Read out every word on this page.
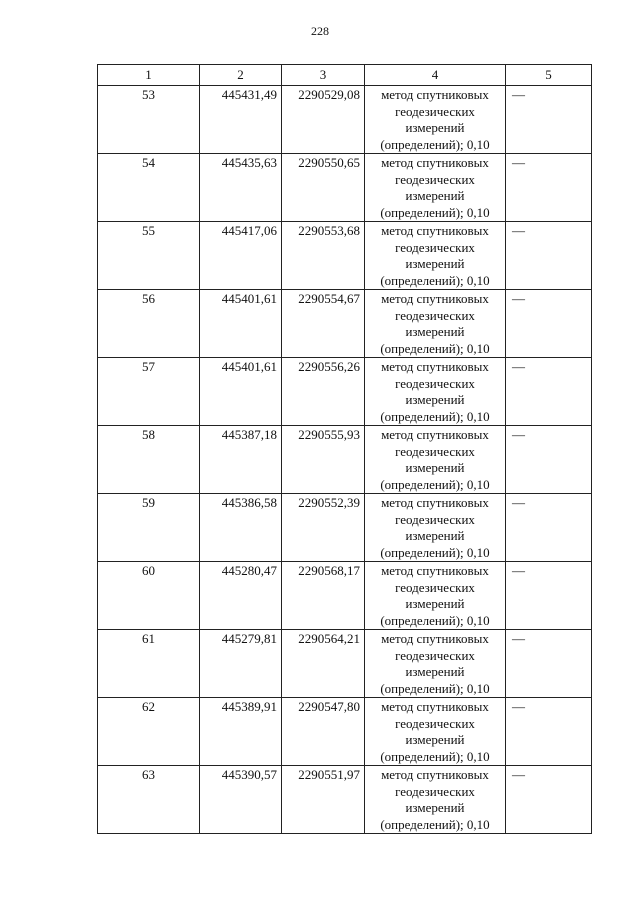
228
1	2	3	4	5
53	445431,49	2290529,08	метод спутниковых
геодезических
измерений
(определений); 0,10	—
54	445435,63	2290550,65	метод спутниковых
геодезических
измерений
(определений); 0,10	—
55	445417,06	2290553,68	метод спутниковых
геодезических
измерений
(определений); 0,10	—
56	445401,61	2290554,67	метод спутниковых
геодезических
измерений
(определений); 0,10	—
57	445401,61	2290556,26	метод спутниковых
геодезических
измерений
(определений); 0,10	—
58	445387,18	2290555,93	метод спутниковых
геодезических
измерений
(определений); 0,10	—
59	445386,58	2290552,39	метод спутниковых
геодезических
измерений
(определений); 0,10	—
60	445280,47	2290568,17	метод спутниковых
геодезических
измерений
(определений); 0,10	—
61	445279,81	2290564,21	метод спутниковых
геодезических
измерений
(определений); 0,10	—
62	445389,91	2290547,80	метод спутниковых
геодезических
измерений
(определений); 0,10	—
63	445390,57	2290551,97	метод спутниковых
геодезических
измерений
(определений); 0,10	—
